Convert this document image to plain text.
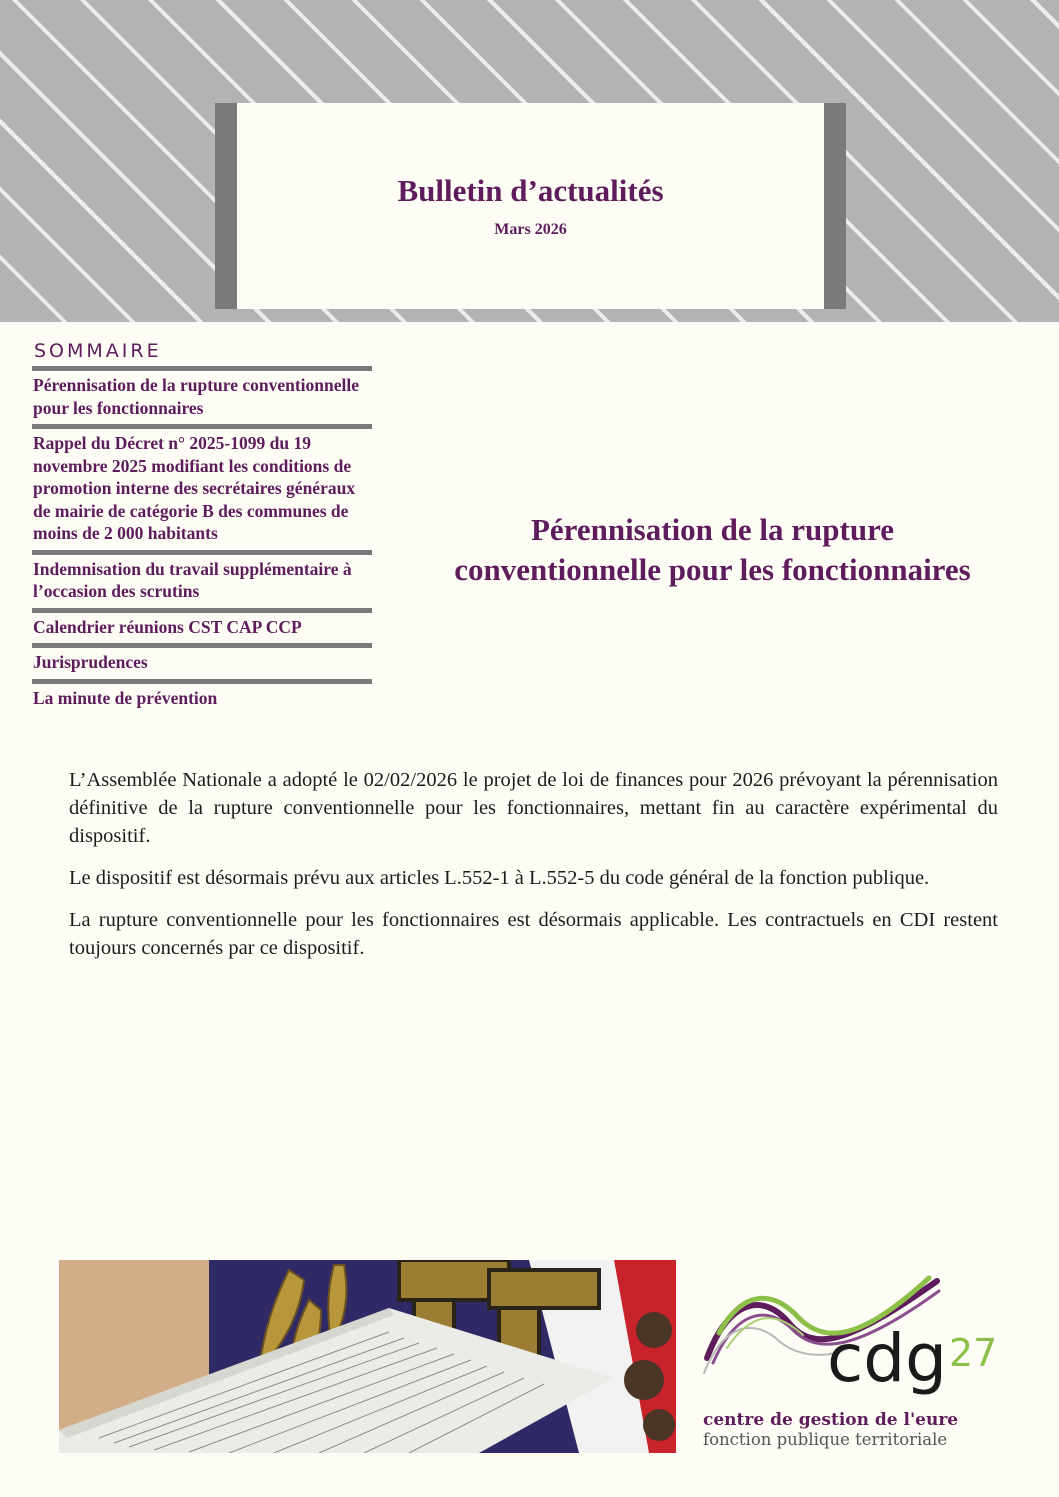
Bulletin d’actualités
Mars 2026
SOMMAIRE
Pérennisation de la rupture conventionnelle pour les fonctionnaires
Rappel du Décret n° 2025-1099 du 19 novembre 2025 modifiant les conditions de promotion interne des secrétaires généraux de mairie de catégorie B des communes de moins de 2 000 habitants
Indemnisation du travail supplémentaire à l’occasion des scrutins
Calendrier réunions CST CAP CCP
Jurisprudences
La minute de prévention
Pérennisation de la rupture
conventionnelle pour les fonctionnaires

L’Assemblée Nationale a adopté le 02/02/2026 le projet de loi de finances pour 2026 prévoyant la pérennisation définitive de la rupture conventionnelle pour les fonctionnaires, mettant fin au caractère expérimental du dispositif.

Le dispositif est désormais prévu aux articles L.552-1 à L.552-5 du code général de la fonction publique.

La rupture conventionnelle pour les fonctionnaires est désormais applicable. Les contractuels en CDI restent toujours concernés par ce dispositif.

cdg 27
centre de gestion de l'eure
fonction publique territoriale
